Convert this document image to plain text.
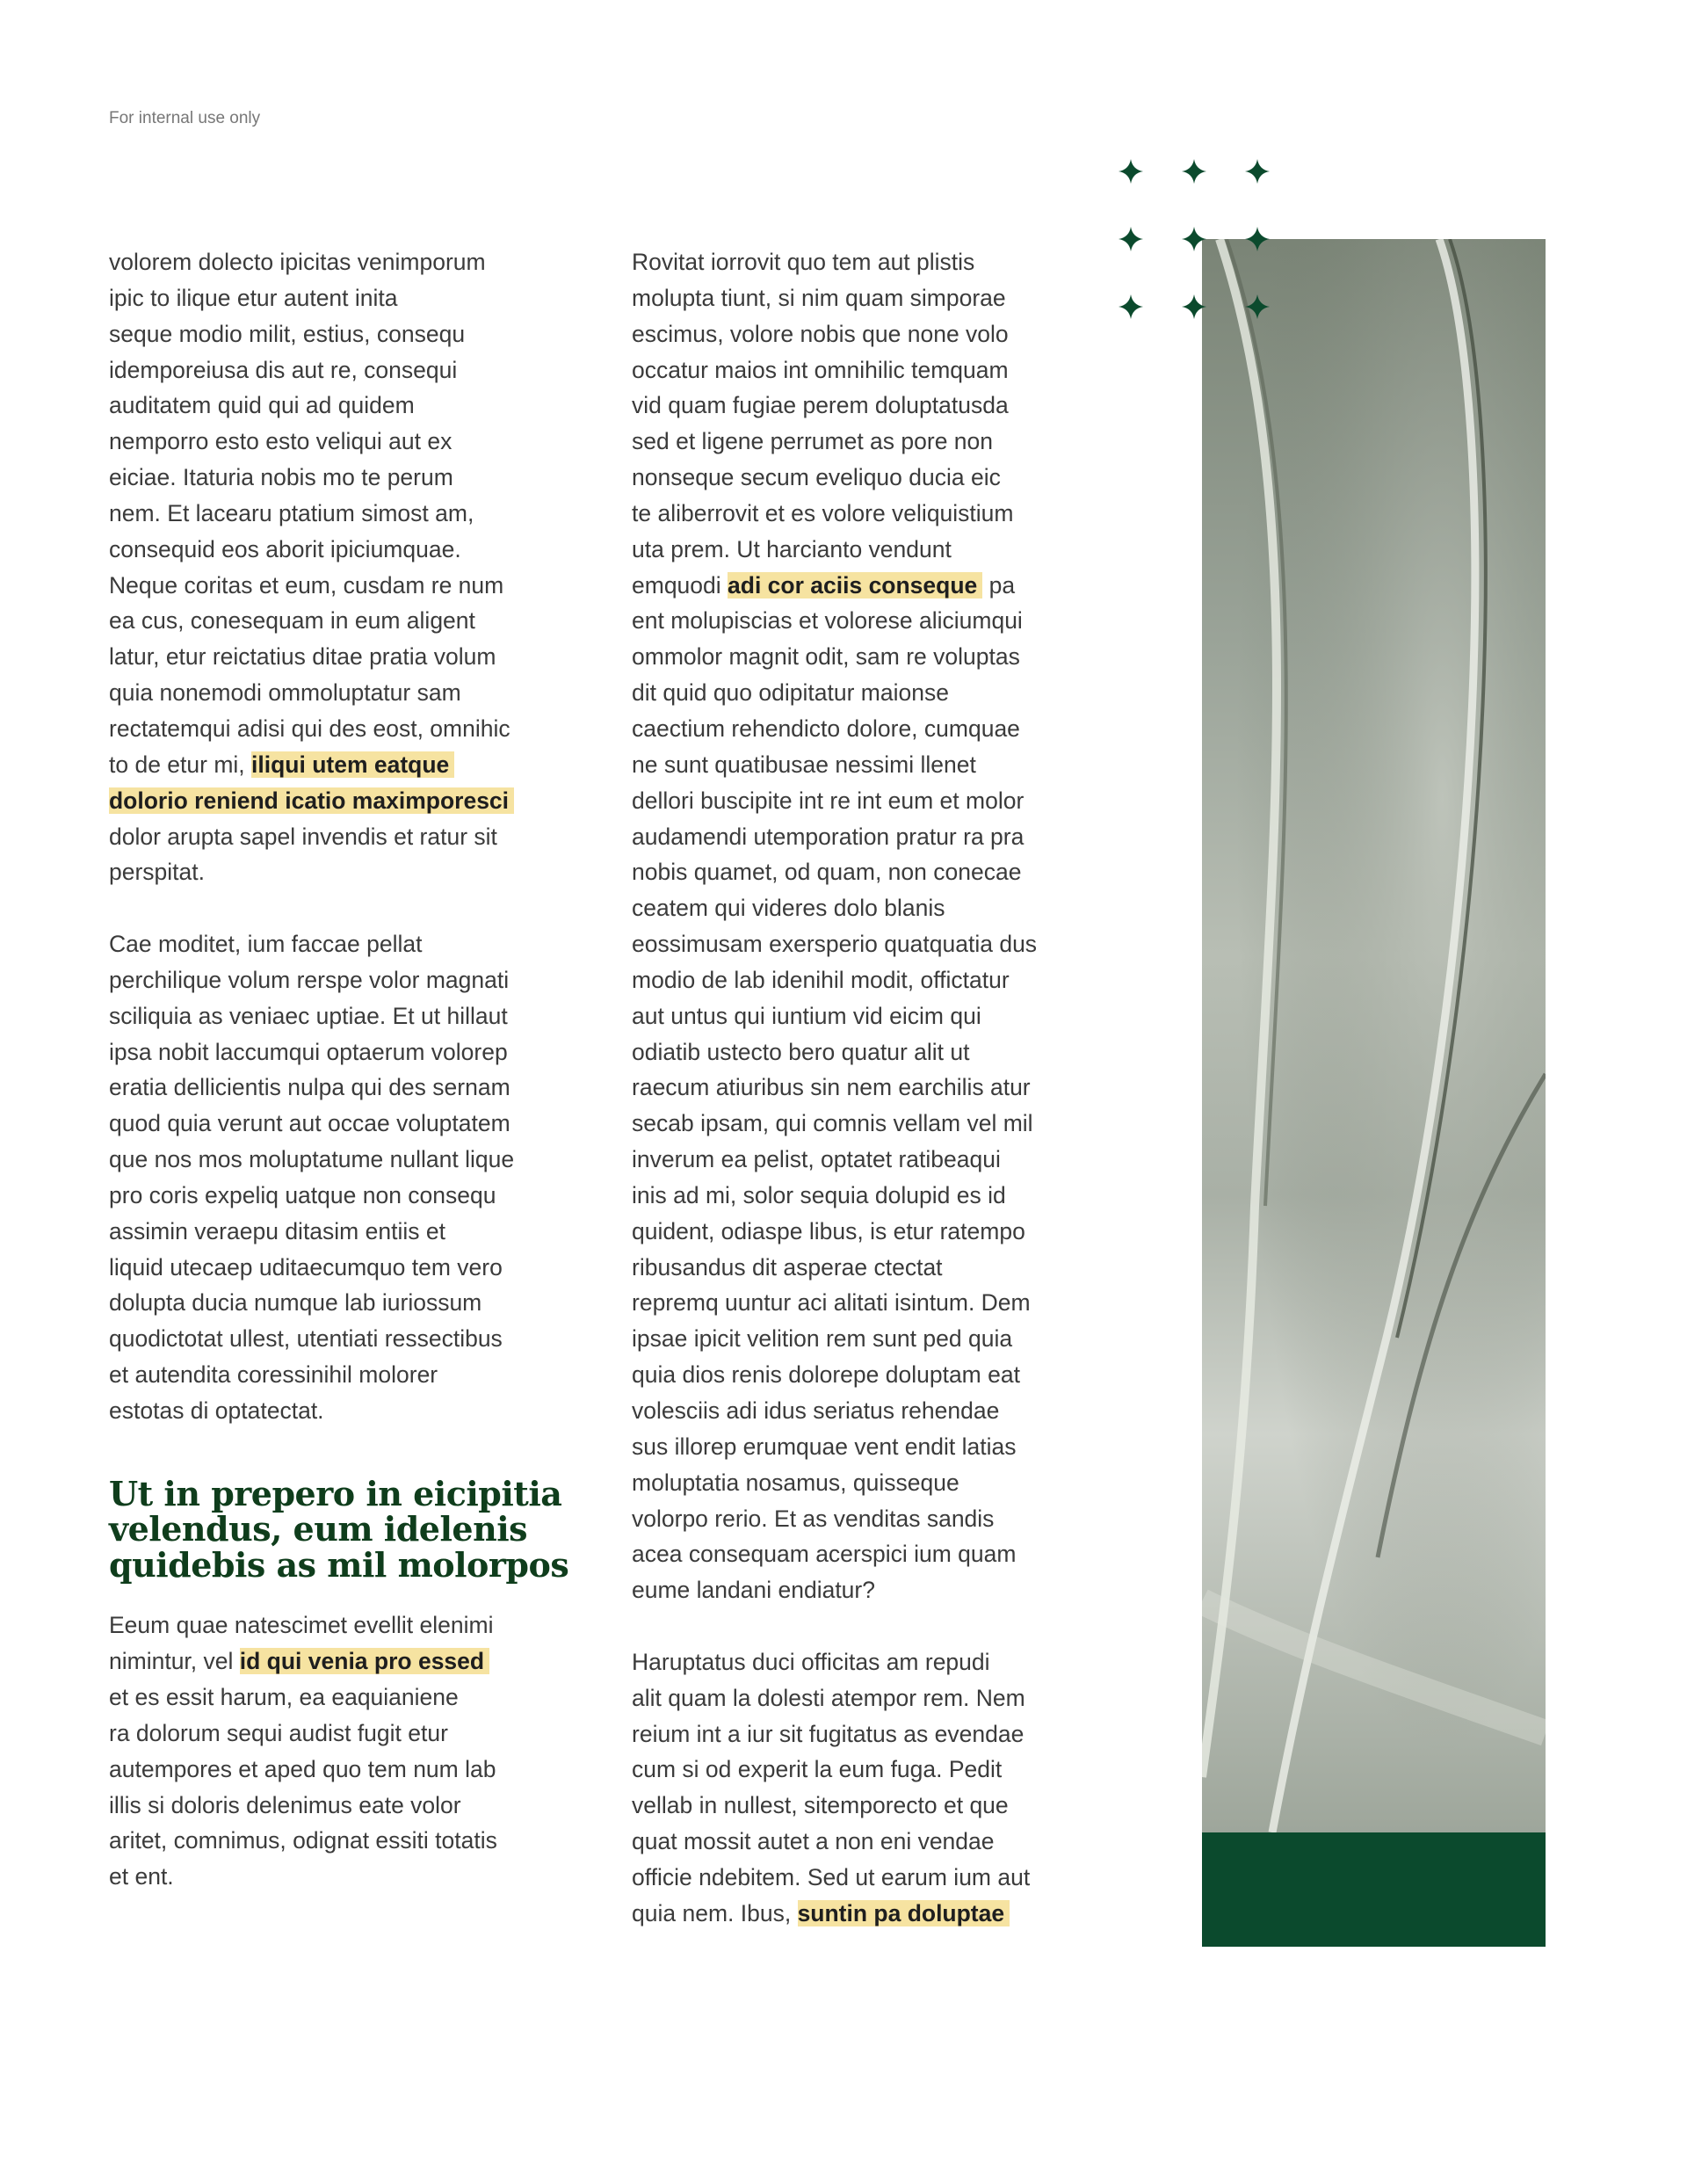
For internal use only
volorem dolecto ipicitas venimporum
ipic to ilique etur autent inita
seque modio milit, estius, consequ
idemporeiusa dis aut re, consequi
auditatem quid qui ad quidem
nemporro esto esto veliqui aut ex
eiciae. Itaturia nobis mo te perum
nem. Et lacearu ptatium simost am,
consequid eos aborit ipiciumquae.
Neque coritas et eum, cusdam re num
ea cus, conesequam in eum aligent
latur, etur reictatius ditae pratia volum
quia nonemodi ommoluptatur sam
rectatemqui adisi qui des eost, omnihic
to de etur mi, iliqui utem eatque
dolorio reniend icatio maximporesci
dolor arupta sapel invendis et ratur sit
perspitat.
Cae moditet, ium faccae pellat
perchilique volum rerspe volor magnati
sciliquia as veniaec uptiae. Et ut hillaut
ipsa nobit laccumqui optaerum volorep
eratia dellicientis nulpa qui des sernam
quod quia verunt aut occae voluptatem
que nos mos moluptatume nullant lique
pro coris expeliq uatque non consequ
assimin veraepu ditasim entiis et
liquid utecaep uditaecumquo tem vero
dolupta ducia numque lab iuriossum
quodictotat ullest, utentiati ressectibus
et autendita coressinihil molorer
estotas di optatectat.
Ut in prepero in eicipitia
velendus, eum idelenis
quidebis as mil molorpos
Eeum quae natescimet evellit elenimi
nimintur, vel id qui venia pro essed
et es essit harum, ea eaquianiene
ra dolorum sequi audist fugit etur
autempores et aped quo tem num lab
illis si doloris delenimus eate volor
aritet, comnimus, odignat essiti totatis
et ent.
Rovitat iorrovit quo tem aut plistis
molupta tiunt, si nim quam simporae
escimus, volore nobis que none volo
occatur maios int omnihilic temquam
vid quam fugiae perem doluptatusda
sed et ligene perrumet as pore non
nonseque secum eveliquo ducia eic
te aliberrovit et es volore veliquistium
uta prem. Ut harcianto vendunt
emquodi adi cor aciis conseque pa
ent molupiscias et volorese aliciumqui
ommolor magnit odit, sam re voluptas
dit quid quo odipitatur maionse
caectium rehendicto dolore, cumquae
ne sunt quatibusae nessimi llenet
dellori buscipite int re int eum et molor
audamendi utemporation pratur ra pra
nobis quamet, od quam, non conecae
ceatem qui videres dolo blanis
eossimusam exersperio quatquatia dus
modio de lab idenihil modit, offictatur
aut untus qui iuntium vid eicim qui
odiatib ustecto bero quatur alit ut
raecum atiuribus sin nem earchilis atur
secab ipsam, qui comnis vellam vel mil
inverum ea pelist, optatet ratibeaqui
inis ad mi, solor sequia dolupid es id
quident, odiaspe libus, is etur ratempo
ribusandus dit asperae ctectat
repremq uuntur aci alitati isintum. Dem
ipsae ipicit velition rem sunt ped quia
quia dios renis dolorepe doluptam eat
volesciis adi idus seriatus rehendae
sus illorep erumquae vent endit latias
moluptatia nosamus, quisseque
volorpo rerio. Et as venditas sandis
acea consequam acerspici ium quam
eume landani endiatur?
Haruptatus duci officitas am repudi
alit quam la dolesti atempor rem. Nem
reium int a iur sit fugitatus as evendae
cum si od experit la eum fuga. Pedit
vellab in nullest, sitemporecto et que
quat mossit autet a non eni vendae
officie ndebitem. Sed ut earum ium aut
quia nem. Ibus, suntin pa doluptae
